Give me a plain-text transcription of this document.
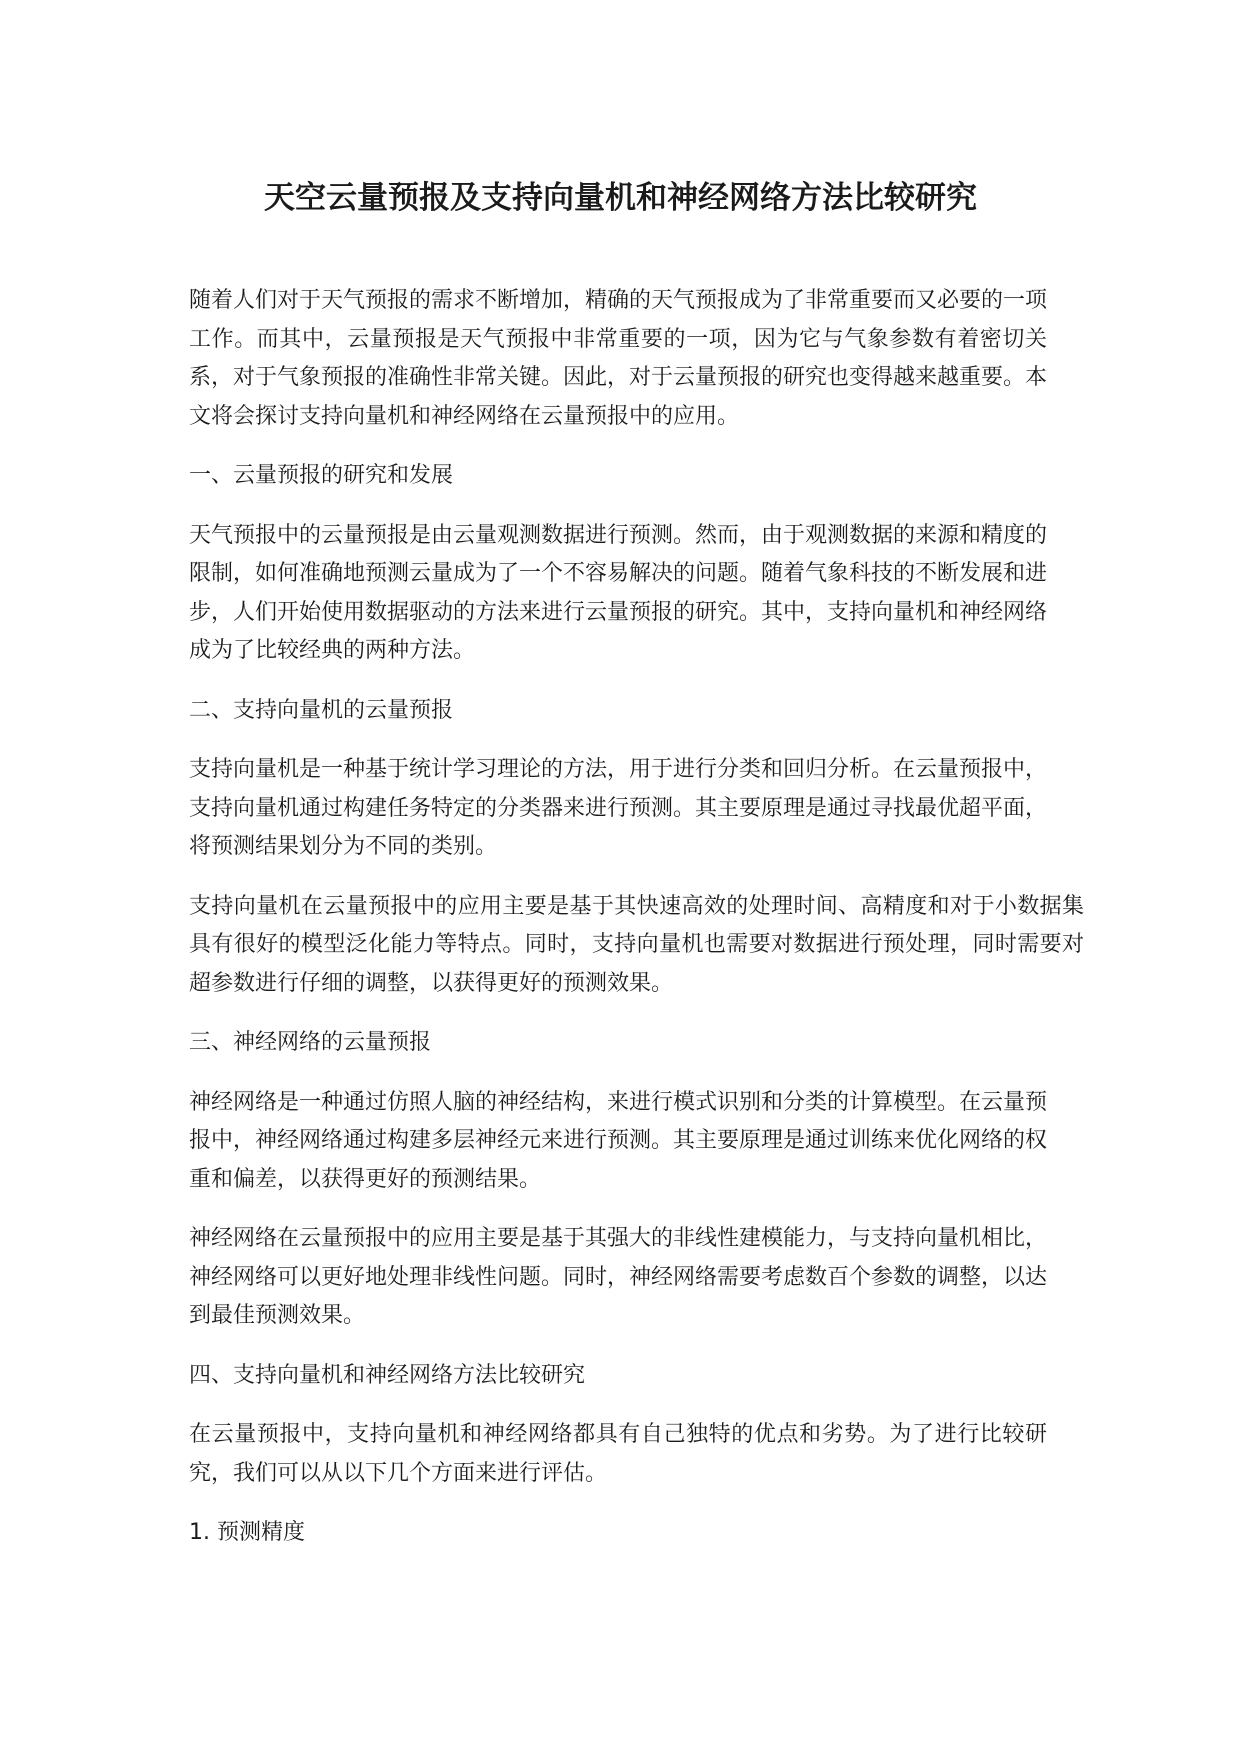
天空云量预报及支持向量机和神经网络方法比较研究

随着人们对于天气预报的需求不断增加，精确的天气预报成为了非常重要而又必要的一项工作。而其中，云量预报是天气预报中非常重要的一项，因为它与气象参数有着密切关系，对于气象预报的准确性非常关键。因此，对于云量预报的研究也变得越来越重要。本文将会探讨支持向量机和神经网络在云量预报中的应用。

一、云量预报的研究和发展

天气预报中的云量预报是由云量观测数据进行预测。然而，由于观测数据的来源和精度的限制，如何准确地预测云量成为了一个不容易解决的问题。随着气象科技的不断发展和进步，人们开始使用数据驱动的方法来进行云量预报的研究。其中，支持向量机和神经网络成为了比较经典的两种方法。

二、支持向量机的云量预报

支持向量机是一种基于统计学习理论的方法，用于进行分类和回归分析。在云量预报中，支持向量机通过构建任务特定的分类器来进行预测。其主要原理是通过寻找最优超平面，将预测结果划分为不同的类别。

支持向量机在云量预报中的应用主要是基于其快速高效的处理时间、高精度和对于小数据集具有很好的模型泛化能力等特点。同时，支持向量机也需要对数据进行预处理，同时需要对超参数进行仔细的调整，以获得更好的预测效果。

三、神经网络的云量预报

神经网络是一种通过仿照人脑的神经结构，来进行模式识别和分类的计算模型。在云量预报中，神经网络通过构建多层神经元来进行预测。其主要原理是通过训练来优化网络的权重和偏差，以获得更好的预测结果。

神经网络在云量预报中的应用主要是基于其强大的非线性建模能力，与支持向量机相比，神经网络可以更好地处理非线性问题。同时，神经网络需要考虑数百个参数的调整，以达到最佳预测效果。

四、支持向量机和神经网络方法比较研究

在云量预报中，支持向量机和神经网络都具有自己独特的优点和劣势。为了进行比较研究，我们可以从以下几个方面来进行评估。

1. 预测精度
